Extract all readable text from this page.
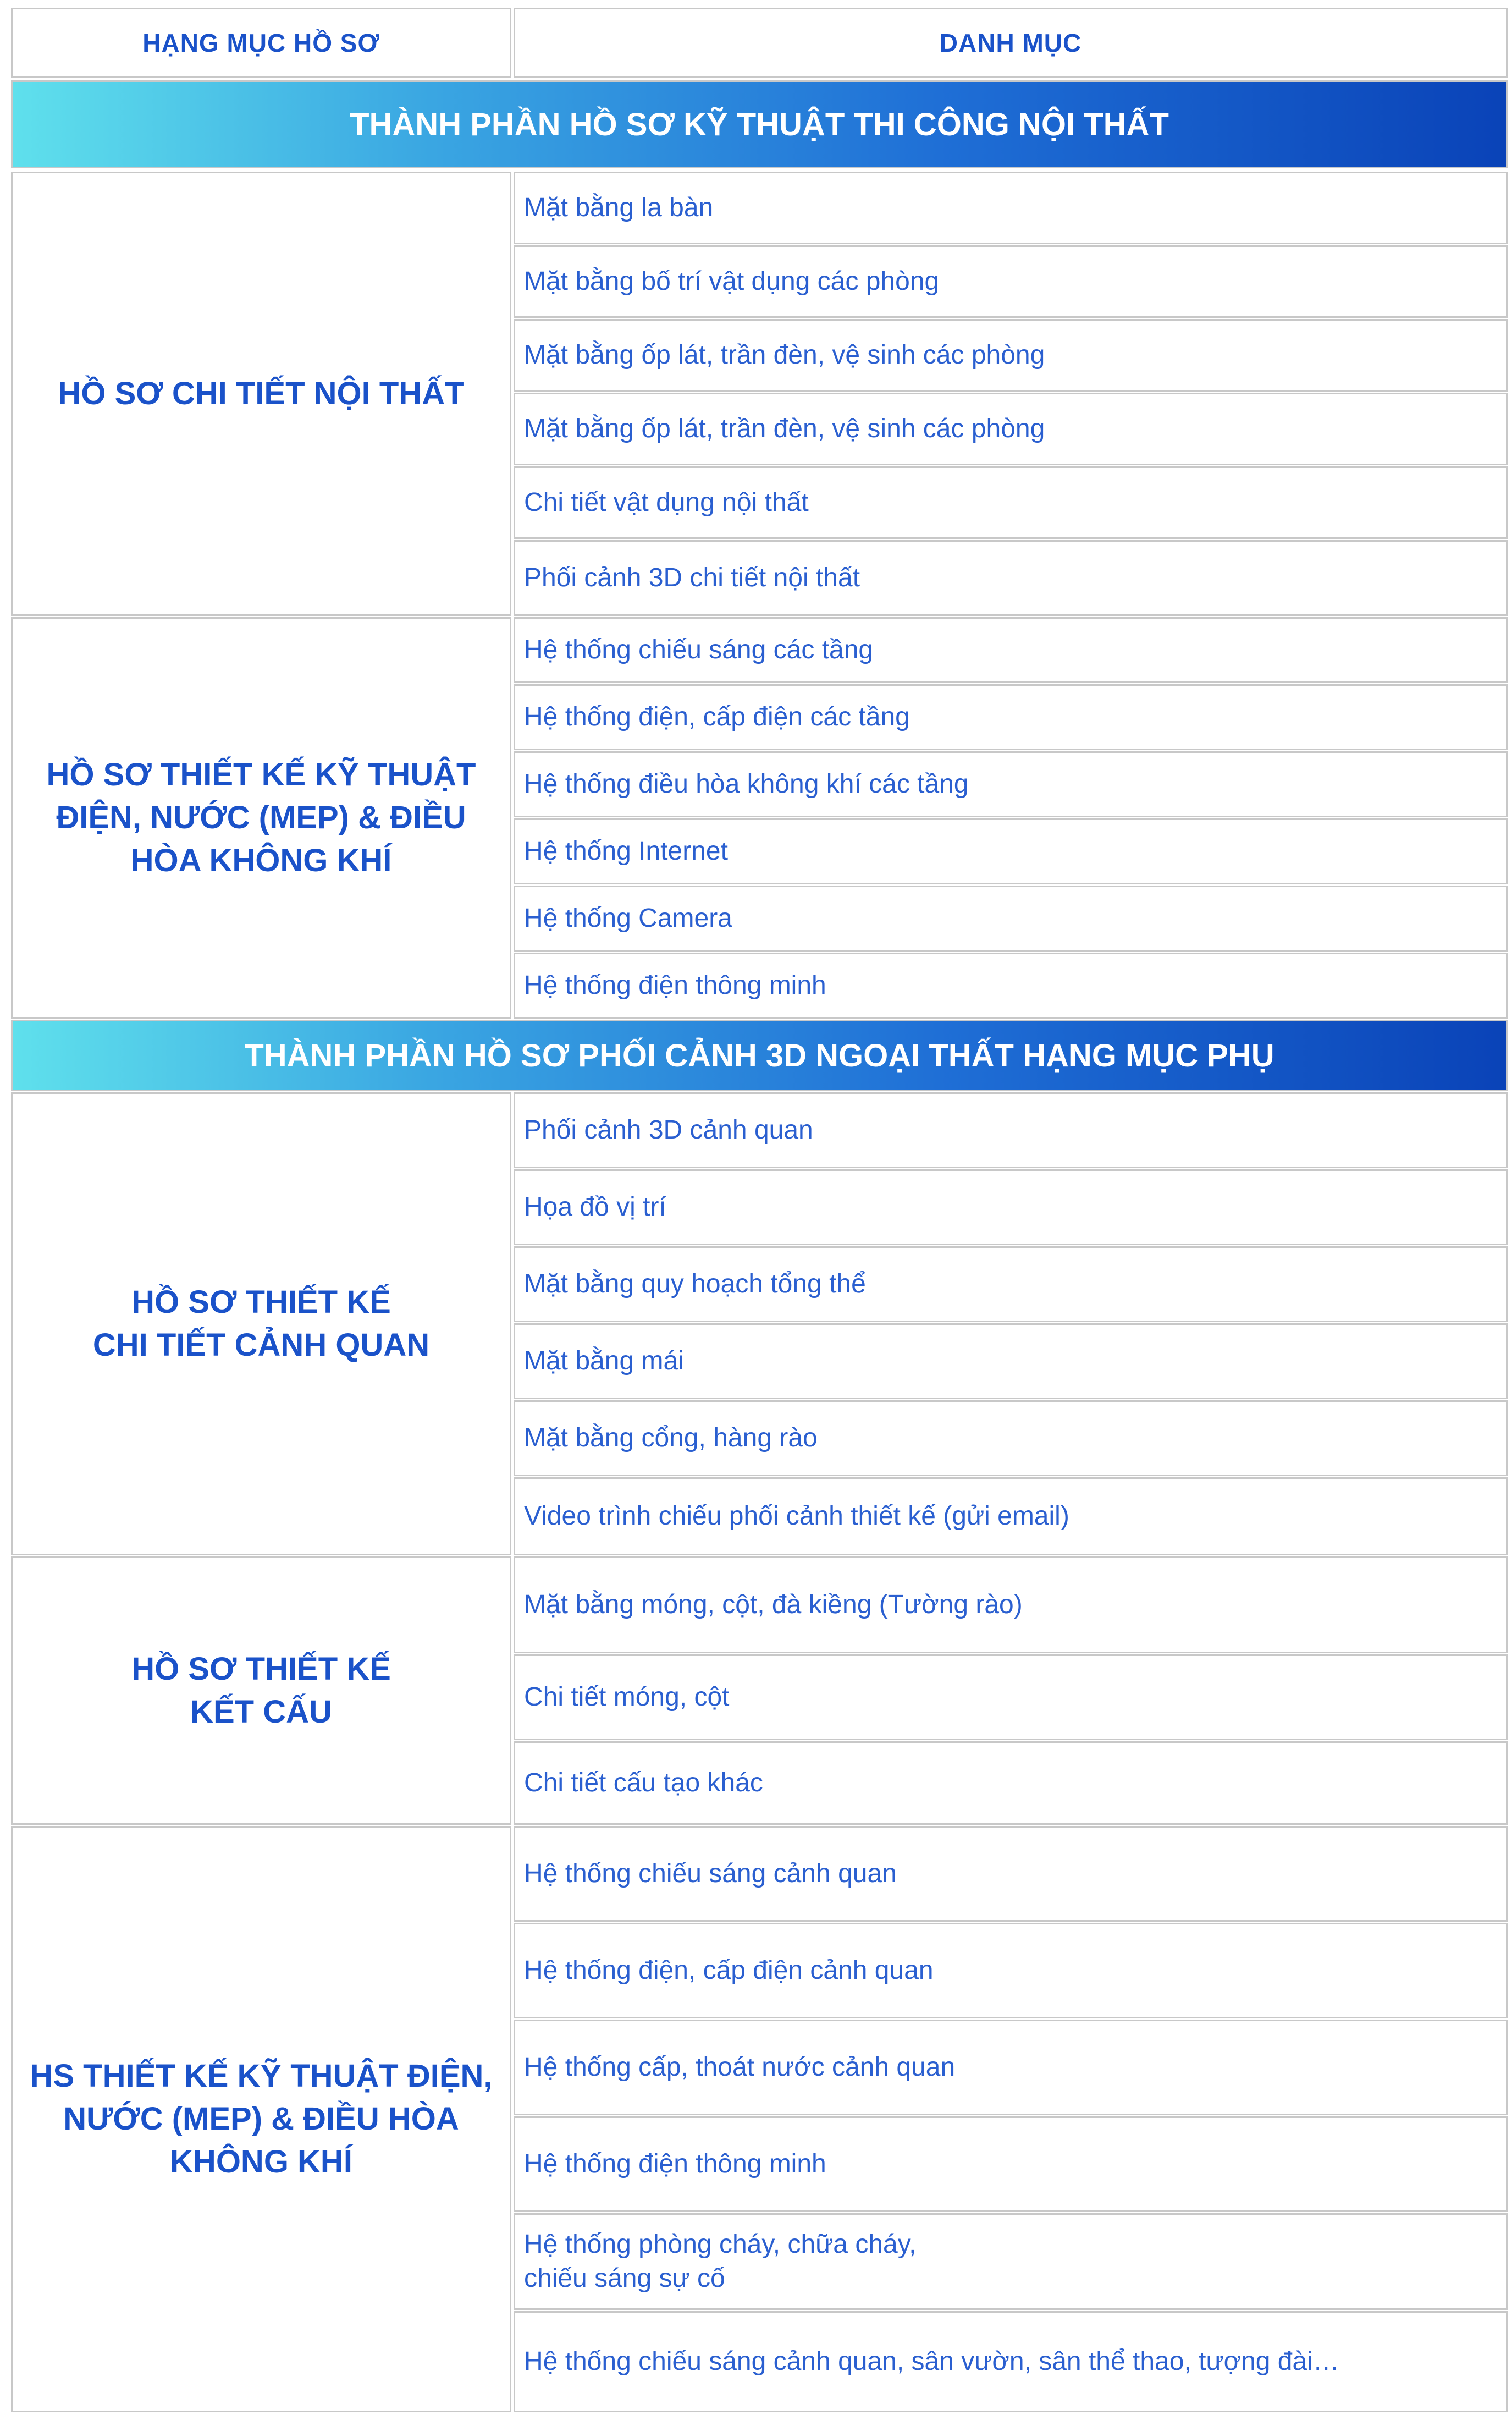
HẠNG MỤC HỒ SƠ	DANH MỤC
THÀNH PHẦN HỒ SƠ KỸ THUẬT THI CÔNG NỘI THẤT
HỒ SƠ CHI TIẾT NỘI THẤT
Mặt bằng la bàn
Mặt bằng bố trí vật dụng các phòng
Mặt bằng ốp lát, trần đèn, vệ sinh các phòng
Mặt bằng ốp lát, trần đèn, vệ sinh các phòng
Chi tiết vật dụng nội thất
Phối cảnh 3D chi tiết nội thất
HỒ SƠ THIẾT KẾ KỸ THUẬT ĐIỆN, NƯỚC (MEP) & ĐIỀU HÒA KHÔNG KHÍ
Hệ thống chiếu sáng các tầng
Hệ thống điện, cấp điện các tầng
Hệ thống điều hòa không khí các tầng
Hệ thống Internet
Hệ thống Camera
Hệ thống điện thông minh
THÀNH PHẦN HỒ SƠ PHỐI CẢNH 3D NGOẠI THẤT HẠNG MỤC PHỤ
HỒ SƠ THIẾT KẾ
CHI TIẾT CẢNH QUAN
Phối cảnh 3D cảnh quan
Họa đồ vị trí
Mặt bằng quy hoạch tổng thể
Mặt bằng mái
Mặt bằng cổng, hàng rào
Video trình chiếu phối cảnh thiết kế (gửi email)
HỒ SƠ THIẾT KẾ
KẾT CẤU
Mặt bằng móng, cột, đà kiềng (Tường rào)
Chi tiết móng, cột
Chi tiết cấu tạo khác
HS THIẾT KẾ KỸ THUẬT ĐIỆN, NƯỚC (MEP) & ĐIỀU HÒA KHÔNG KHÍ
Hệ thống chiếu sáng cảnh quan
Hệ thống điện, cấp điện cảnh quan
Hệ thống cấp, thoát nước cảnh quan
Hệ thống điện thông minh
Hệ thống phòng cháy, chữa cháy,
chiếu sáng sự cố
Hệ thống chiếu sáng cảnh quan, sân vườn, sân thể thao, tượng đài…
